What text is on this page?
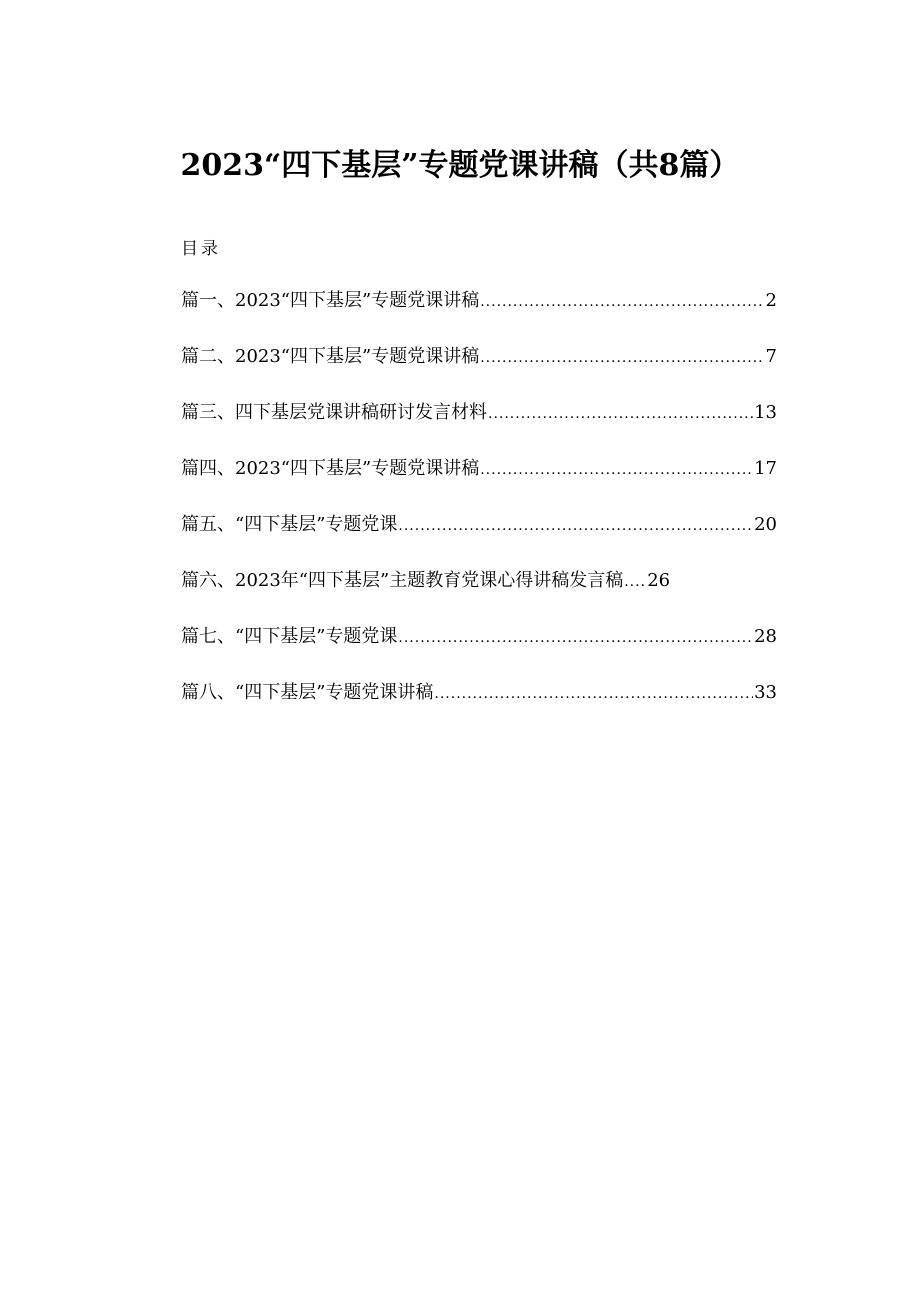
2023“四下基层”专题党课讲稿（共8篇）
目录
篇一、2023“四下基层”专题党课讲稿 .....	2
篇二、2023“四下基层”专题党课讲稿 .....	7
篇三、四下基层党课讲稿研讨发言材料 .....	13
篇四、2023“四下基层”专题党课讲稿 .....	17
篇五、“四下基层”专题党课 .....	20
篇六、2023年“四下基层”主题教育党课心得讲稿发言稿 ..... 26
篇七、“四下基层”专题党课 .....	28
篇八、“四下基层”专题党课讲稿 .....	33
